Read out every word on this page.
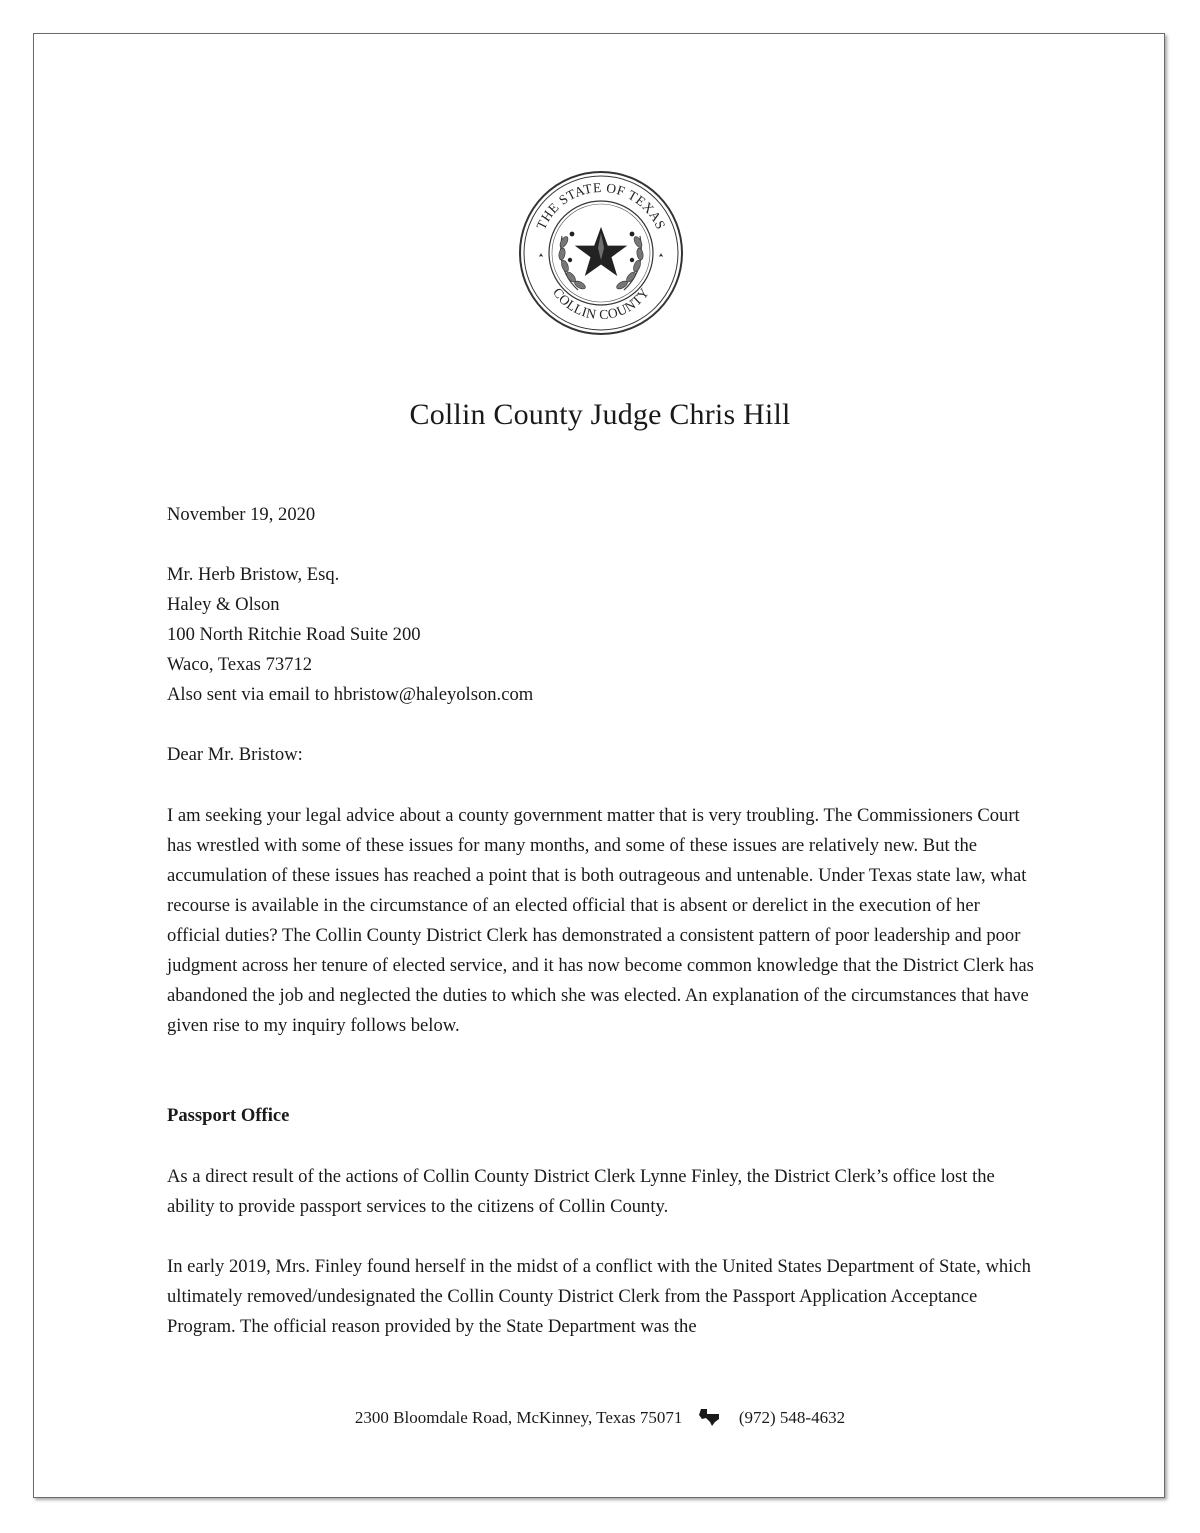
THE STATE OF TEXAS
COLLIN COUNTY
Collin County Judge Chris Hill
November 19, 2020
Mr. Herb Bristow, Esq.
Haley & Olson
100 North Ritchie Road Suite 200
Waco, Texas 73712
Also sent via email to hbristow@haleyolson.com
Dear Mr. Bristow:
I am seeking your legal advice about a county government matter that is very troubling. The Commissioners Court has wrestled with some of these issues for many months, and some of these issues are relatively new. But the accumulation of these issues has reached a point that is both outrageous and untenable. Under Texas state law, what recourse is available in the circumstance of an elected official that is absent or derelict in the execution of her official duties? The Collin County District Clerk has demonstrated a consistent pattern of poor leadership and poor judgment across her tenure of elected service, and it has now become common knowledge that the District Clerk has abandoned the job and neglected the duties to which she was elected. An explanation of the circumstances that have given rise to my inquiry follows below.
Passport Office
As a direct result of the actions of Collin County District Clerk Lynne Finley, the District Clerk’s office lost the ability to provide passport services to the citizens of Collin County.
In early 2019, Mrs. Finley found herself in the midst of a conflict with the United States Department of State, which ultimately removed/undesignated the Collin County District Clerk from the Passport Application Acceptance Program. The official reason provided by the State Department was the
2300 Bloomdale Road, McKinney, Texas 75071	(972) 548-4632
